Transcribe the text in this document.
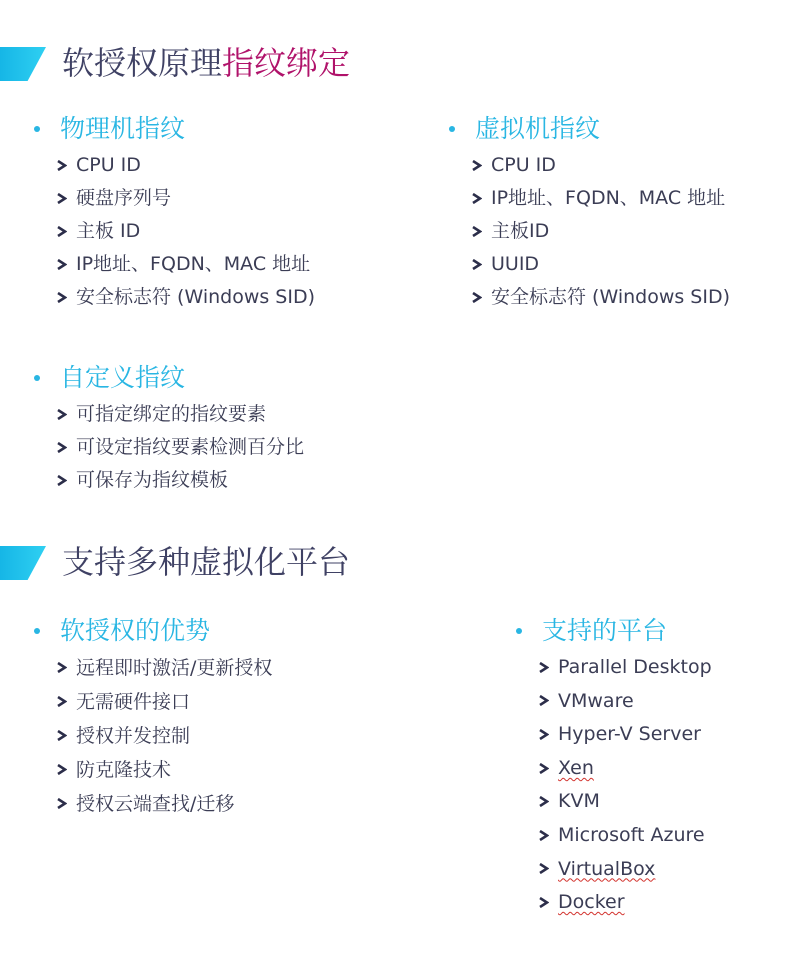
软授权原理指纹绑定
物理机指纹
CPU ID
硬盘序列号
主板 ID
IP地址、FQDN、MAC 地址
安全标志符 (Windows SID)
虚拟机指纹
CPU ID
IP地址、FQDN、MAC 地址
主板ID
UUID
安全标志符 (Windows SID)
自定义指纹
可指定绑定的指纹要素
可设定指纹要素检测百分比
可保存为指纹模板
支持多种虚拟化平台
软授权的优势
远程即时激活/更新授权
无需硬件接口
授权并发控制
防克隆技术
授权云端查找/迁移
支持的平台
Parallel Desktop
VMware
Hyper-V Server
Xen
KVM
Microsoft Azure
VirtualBox
Docker
